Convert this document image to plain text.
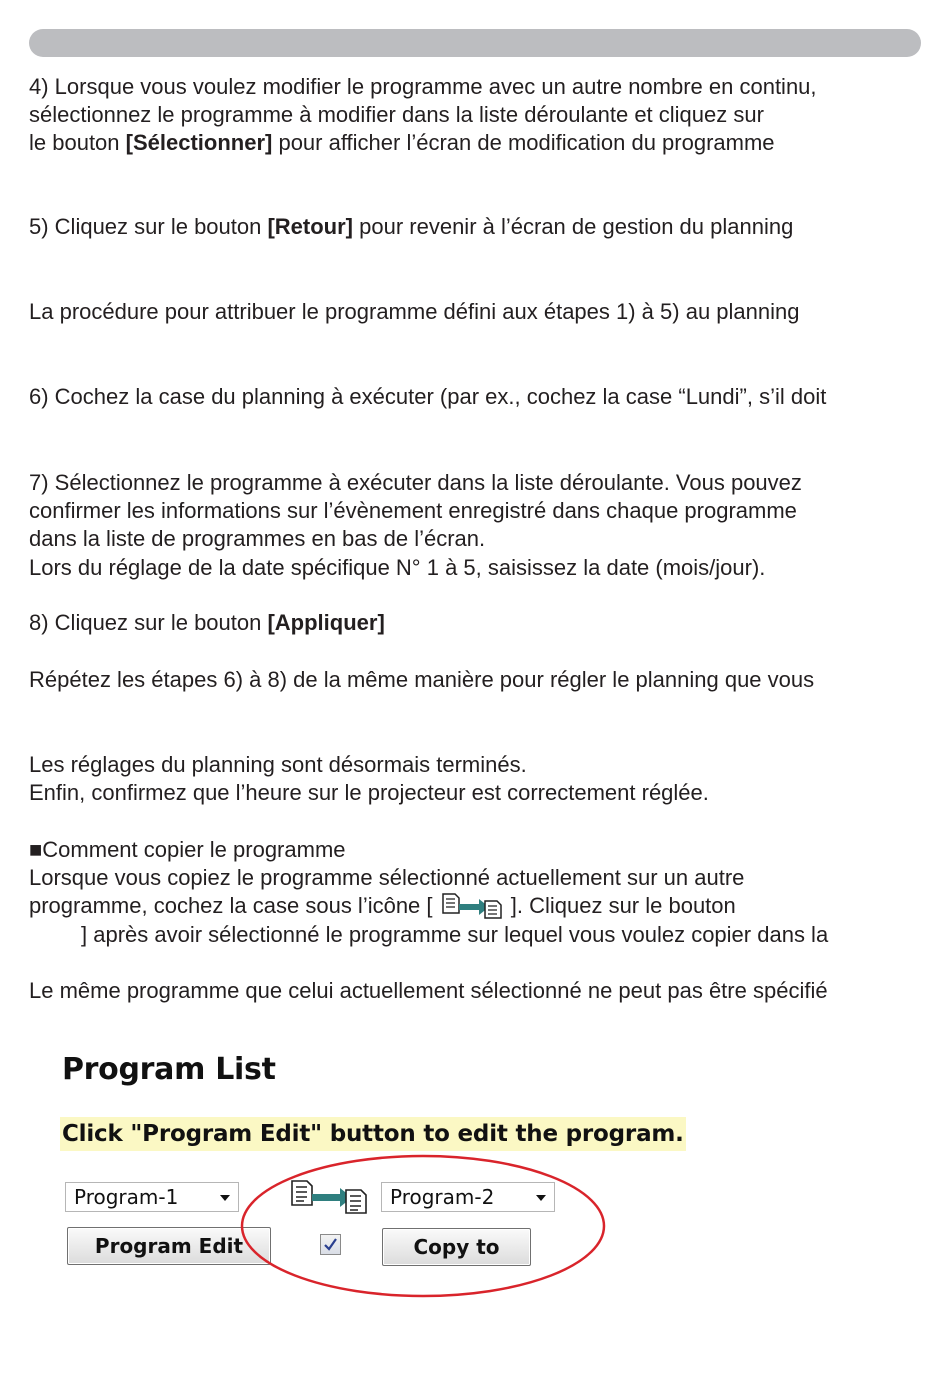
4) Lorsque vous voulez modifier le programme avec un autre nombre en continu,
sélectionnez le programme à modifier dans la liste déroulante et cliquez sur
le bouton [Sélectionner] pour afficher l’écran de modification du programme
5) Cliquez sur le bouton [Retour] pour revenir à l’écran de gestion du planning
La procédure pour attribuer le programme défini aux étapes 1) à 5) au planning
6) Cochez la case du planning à exécuter (par ex., cochez la case “Lundi”, s’il doit
7) Sélectionnez le programme à exécuter dans la liste déroulante. Vous pouvez
confirmer les informations sur l’évènement enregistré dans chaque programme
dans la liste de programmes en bas de l’écran.
Lors du réglage de la date spécifique N° 1 à 5, saisissez la date (mois/jour).
8) Cliquez sur le bouton [Appliquer]
Répétez les étapes 6) à 8) de la même manière pour régler le planning que vous
Les réglages du planning sont désormais terminés.
Enfin, confirmez que l’heure sur le projecteur est correctement réglée.
■Comment copier le programme
Lorsque vous copiez le programme sélectionné actuellement sur un autre
programme, cochez la case sous l’icône [	]. Cliquez sur le bouton
] après avoir sélectionné le programme sur lequel vous voulez copier dans la
Le même programme que celui actuellement sélectionné ne peut pas être spécifié
Program List
Click "Program Edit" button to edit the program.
Program-1	Program-2
Program Edit	Copy to
